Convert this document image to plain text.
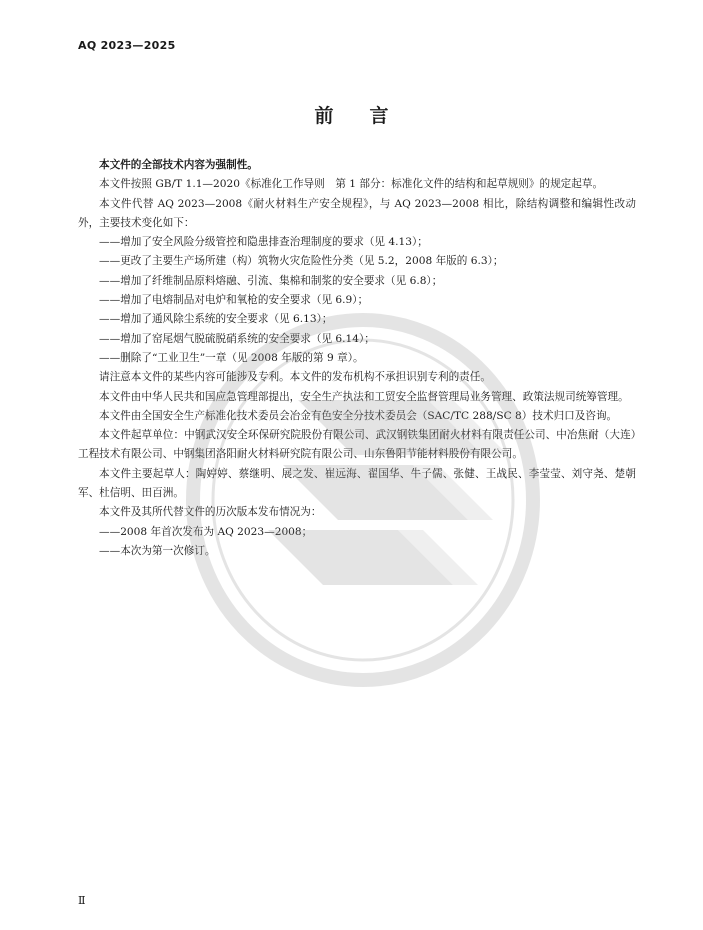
AQ 2023—2025
前 言

本文件的全部技术内容为强制性。

本文件按照 GB/T 1.1—2020《标准化工作导则　第 1 部分：标准化文件的结构和起草规则》的规定起草。

本文件代替 AQ 2023—2008《耐火材料生产安全规程》，与 AQ 2023—2008 相比，除结构调整和编辑性改动外，主要技术变化如下：

——增加了安全风险分级管控和隐患排查治理制度的要求（见 4.13）；

——更改了主要生产场所建（构）筑物火灾危险性分类（见 5.2，2008 年版的 6.3）；

——增加了纤维制品原料熔融、引流、集棉和制浆的安全要求（见 6.8）；

——增加了电熔制品对电炉和氧枪的安全要求（见 6.9）；

——增加了通风除尘系统的安全要求（见 6.13）；

——增加了窑尾烟气脱硫脱硝系统的安全要求（见 6.14）；

——删除了“工业卫生”一章（见 2008 年版的第 9 章）。

请注意本文件的某些内容可能涉及专利。本文件的发布机构不承担识别专利的责任。

本文件由中华人民共和国应急管理部提出，安全生产执法和工贸安全监督管理局业务管理、政策法规司统筹管理。

本文件由全国安全生产标准化技术委员会冶金有色安全分技术委员会（SAC/TC 288/SC 8）技术归口及咨询。

本文件起草单位：中钢武汉安全环保研究院股份有限公司、武汉钢铁集团耐火材料有限责任公司、中冶焦耐（大连）工程技术有限公司、中钢集团洛阳耐火材料研究院有限公司、山东鲁阳节能材料股份有限公司。

本文件主要起草人：陶婷婷、蔡继明、展之发、崔远海、翟国华、牛子儒、张健、王战民、李莹莹、刘守尧、楚朝军、杜信明、田百洲。

本文件及其所代替文件的历次版本发布情况为：

——2008 年首次发布为 AQ 2023—2008；

——本次为第一次修订。

Ⅱ
